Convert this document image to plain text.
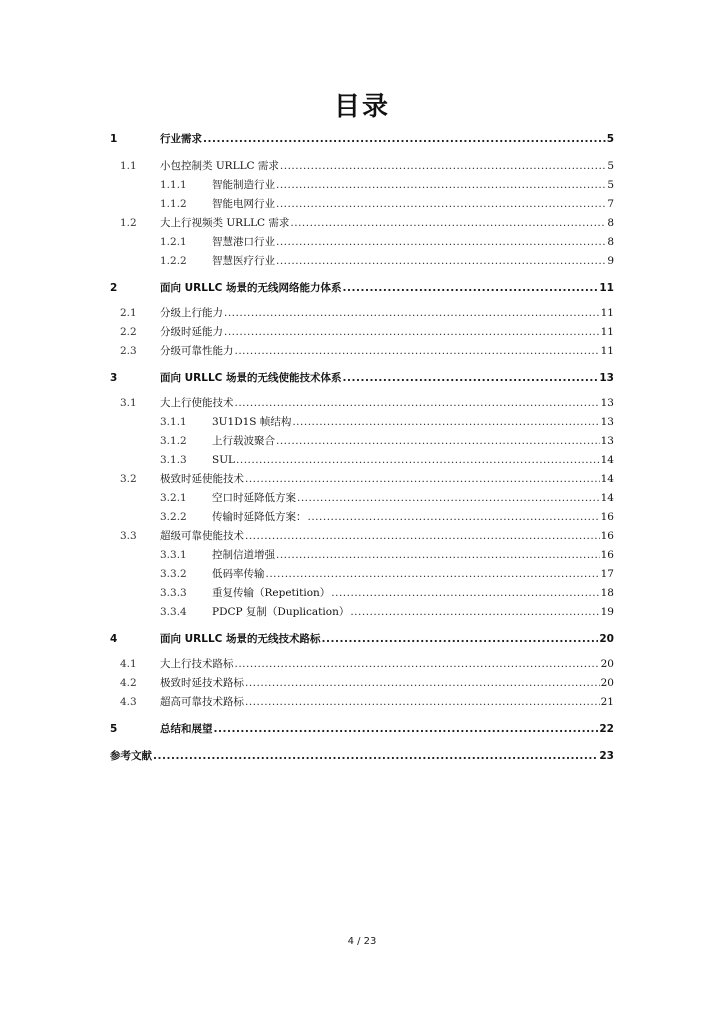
目录
1	行业需求 .....	5
1.1	小包控制类 URLLC 需求 .....	5
1.1.1	智能制造行业 .....	5
1.1.2	智能电网行业 .....	7
1.2	大上行视频类 URLLC 需求 .....	8
1.2.1	智慧港口行业 .....	8
1.2.2	智慧医疗行业 .....	9
2	面向 URLLC 场景的无线网络能力体系 .....	11
2.1	分级上行能力 .....	11
2.2	分级时延能力 .....	11
2.3	分级可靠性能力 .....	11
3	面向 URLLC 场景的无线使能技术体系 .....	13
3.1	大上行使能技术 .....	13
3.1.1	3U1D1S 帧结构 .....	13
3.1.2	上行载波聚合 .....	13
3.1.3	SUL .....	14
3.2	极致时延使能技术 .....	14
3.2.1	空口时延降低方案 .....	14
3.2.2	传输时延降低方案： .....	16
3.3	超级可靠使能技术 .....	16
3.3.1	控制信道增强 .....	16
3.3.2	低码率传输 .....	17
3.3.3	重复传输（Repetition） .....	18
3.3.4	PDCP 复制（Duplication） .....	19
4	面向 URLLC 场景的无线技术路标 .....	20
4.1	大上行技术路标 .....	20
4.2	极致时延技术路标 .....	20
4.3	超高可靠技术路标 .....	21
5	总结和展望 .....	22
参考文献 .....	23
4 / 23
